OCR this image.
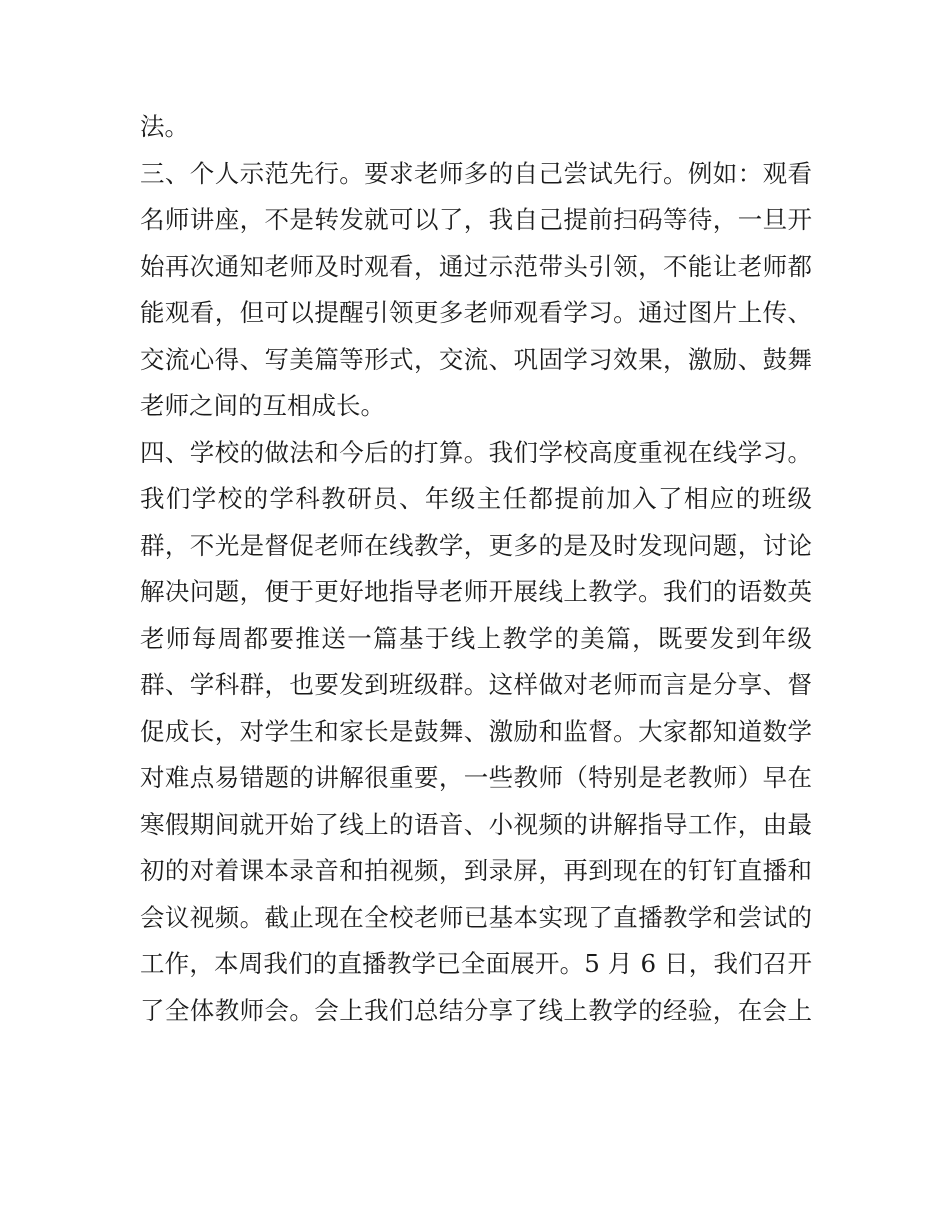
法。
三、个人示范先行。要求老师多的自己尝试先行。例如：观看
名师讲座，不是转发就可以了，我自己提前扫码等待，一旦开
始再次通知老师及时观看，通过示范带头引领，不能让老师都
能观看，但可以提醒引领更多老师观看学习。通过图片上传、
交流心得、写美篇等形式，交流、巩固学习效果，激励、鼓舞
老师之间的互相成长。
四、学校的做法和今后的打算。我们学校高度重视在线学习。
我们学校的学科教研员、年级主任都提前加入了相应的班级
群，不光是督促老师在线教学，更多的是及时发现问题，讨论
解决问题，便于更好地指导老师开展线上教学。我们的语数英
老师每周都要推送一篇基于线上教学的美篇，既要发到年级
群、学科群，也要发到班级群。这样做对老师而言是分享、督
促成长，对学生和家长是鼓舞、激励和监督。大家都知道数学
对难点易错题的讲解很重要，一些教师（特别是老教师）早在
寒假期间就开始了线上的语音、小视频的讲解指导工作，由最
初的对着课本录音和拍视频，到录屏，再到现在的钉钉直播和
会议视频。截止现在全校老师已基本实现了直播教学和尝试的
工作，本周我们的直播教学已全面展开。5 月 6 日，我们召开
了全体教师会。会上我们总结分享了线上教学的经验，在会上
